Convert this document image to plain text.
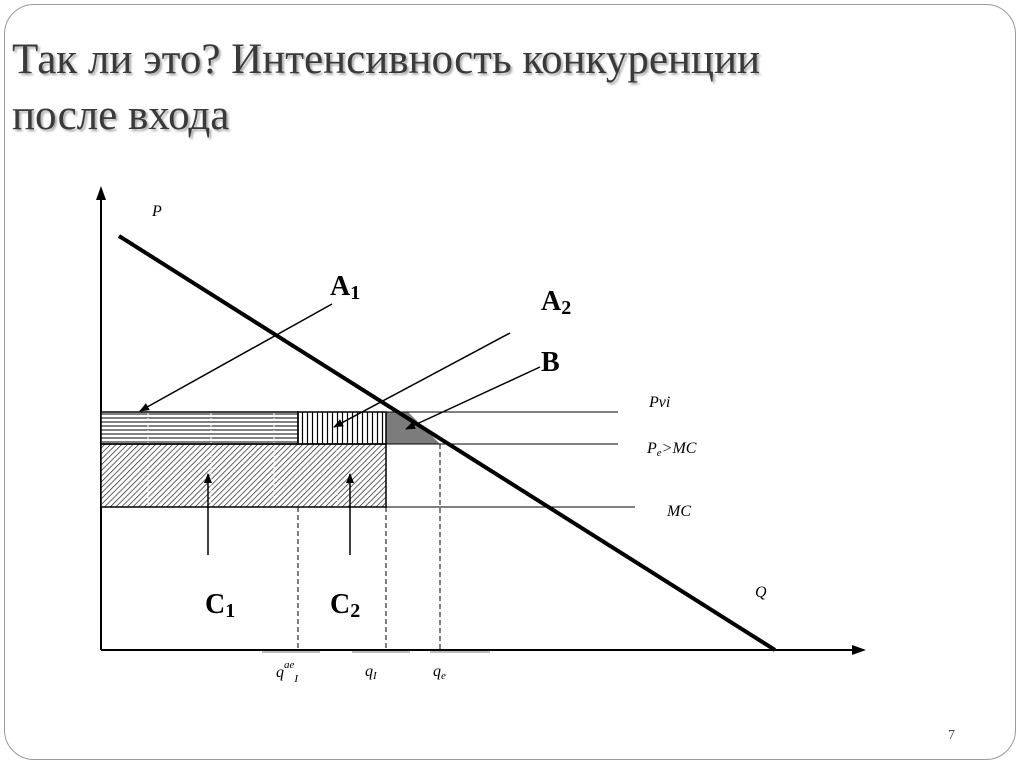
Так ли это? Интенсивность конкуренции
после входа
P
Q
A1	A2
B
C1	C2
Pvi
Pe>MC
MC
$q^{ae}_I$	qI	qe
7
